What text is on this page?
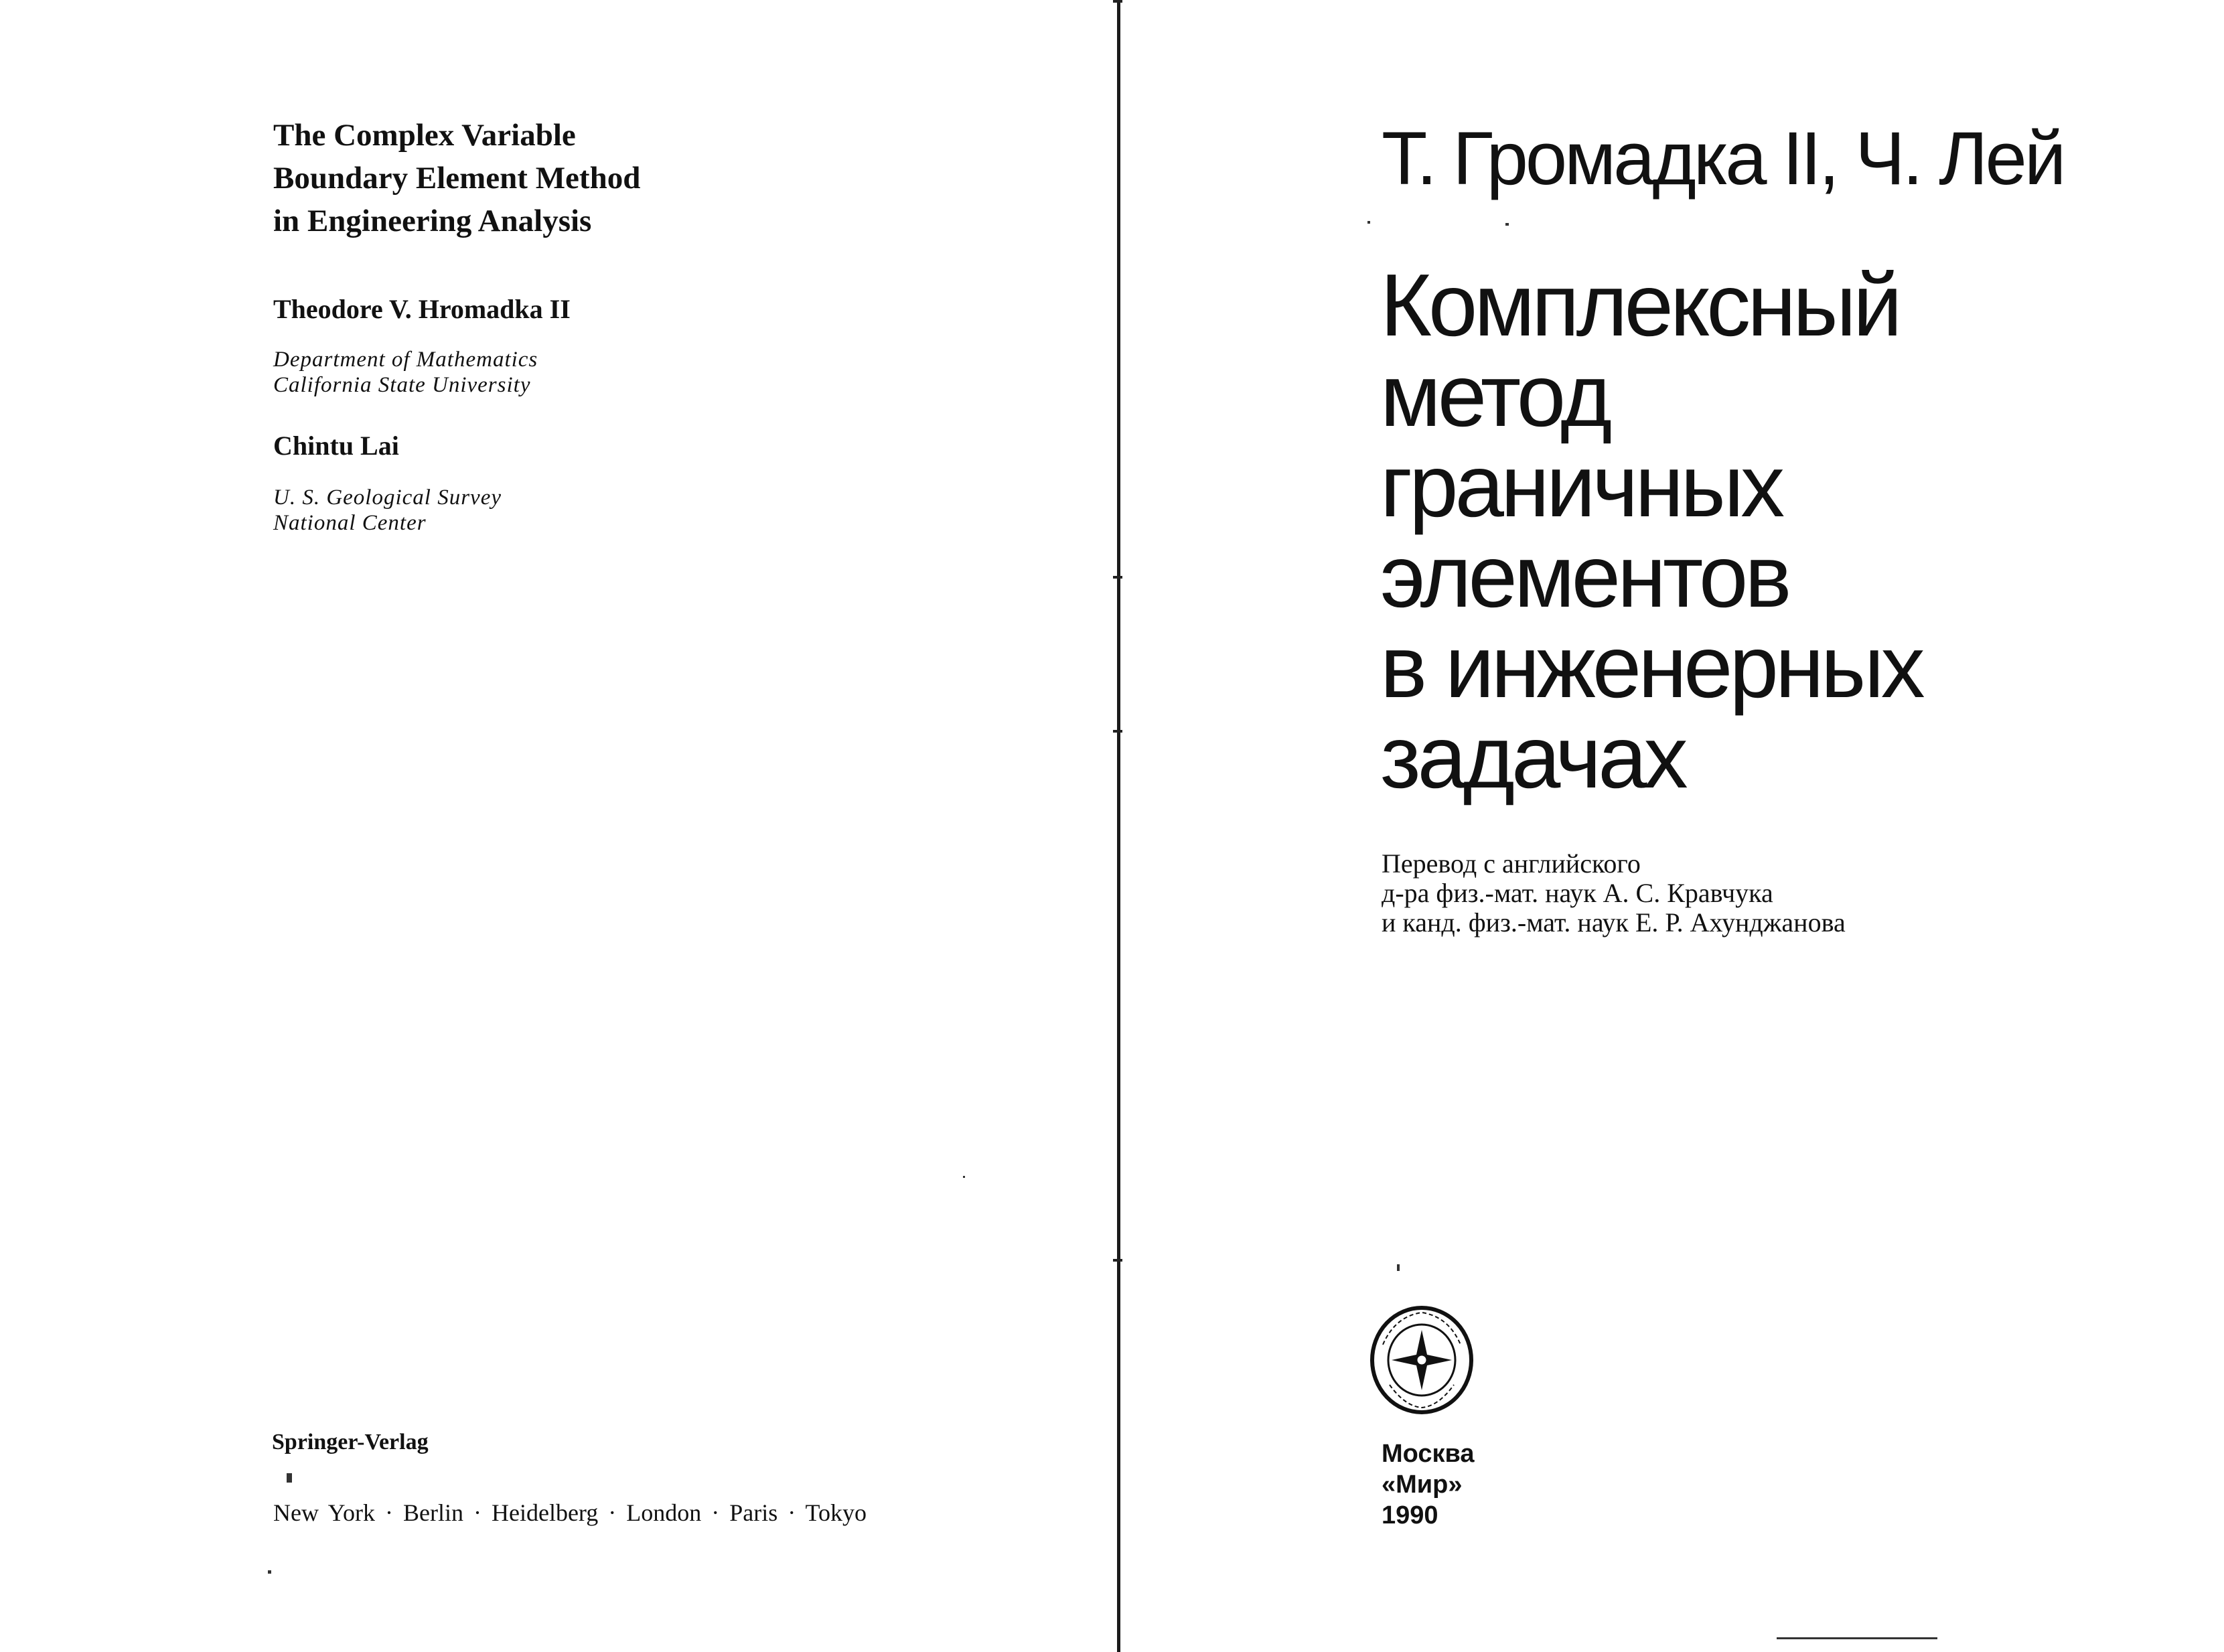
The Complex Variable
Boundary Element Method
in Engineering Analysis
Theodore V. Hromadka II
Department of Mathematics
California State University
Chintu Lai
U. S. Geological Survey
National Center
Springer-Verlag
New York · Berlin · Heidelberg · London · Paris · Tokyo
Т. Громадка II, Ч. Лей
Комплексный
метод
граничных
элементов
в инженерных
задачах
Перевод с английского
д-ра физ.-мат. наук А. С. Кравчука
и канд. физ.-мат. наук Е. Р. Ахунджанова
Москва
«Мир»
1990
